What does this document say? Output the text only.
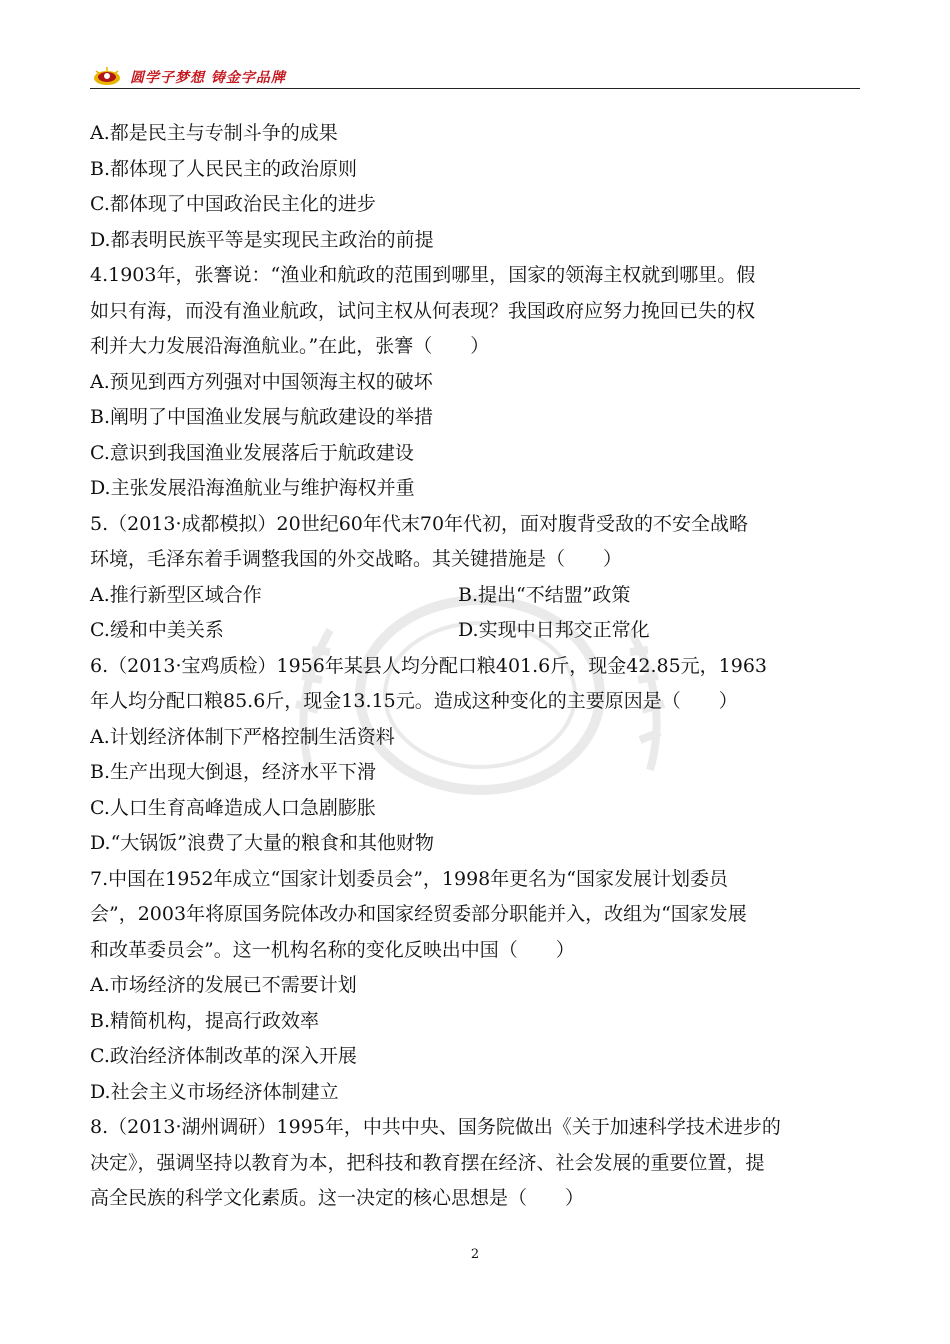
圆学子梦想 铸金字品牌
A.都是民主与专制斗争的成果
B.都体现了人民民主的政治原则
C.都体现了中国政治民主化的进步
D.都表明民族平等是实现民主政治的前提
4.1903年，张謇说：“渔业和航政的范围到哪里，国家的领海主权就到哪里。假
如只有海，而没有渔业航政，试问主权从何表现？我国政府应努力挽回已失的权
利并大力发展沿海渔航业。”在此，张謇（　　）
A.预见到西方列强对中国领海主权的破坏
B.阐明了中国渔业发展与航政建设的举措
C.意识到我国渔业发展落后于航政建设
D.主张发展沿海渔航业与维护海权并重
5.（2013·成都模拟）20世纪60年代末70年代初，面对腹背受敌的不安全战略
环境，毛泽东着手调整我国的外交战略。其关键措施是（　　）
A.推行新型区域合作	B.提出“不结盟”政策
C.缓和中美关系	D.实现中日邦交正常化
6.（2013·宝鸡质检）1956年某县人均分配口粮401.6斤，现金42.85元，1963
年人均分配口粮85.6斤，现金13.15元。造成这种变化的主要原因是（　　）
A.计划经济体制下严格控制生活资料
B.生产出现大倒退，经济水平下滑
C.人口生育高峰造成人口急剧膨胀
D.“大锅饭”浪费了大量的粮食和其他财物
7.中国在1952年成立“国家计划委员会”，1998年更名为“国家发展计划委员
会”，2003年将原国务院体改办和国家经贸委部分职能并入，改组为“国家发展
和改革委员会”。这一机构名称的变化反映出中国（　　）
A.市场经济的发展已不需要计划
B.精简机构，提高行政效率
C.政治经济体制改革的深入开展
D.社会主义市场经济体制建立
8.（2013·湖州调研）1995年，中共中央、国务院做出《关于加速科学技术进步的
决定》，强调坚持以教育为本，把科技和教育摆在经济、社会发展的重要位置，提
高全民族的科学文化素质。这一决定的核心思想是（　　）
2
